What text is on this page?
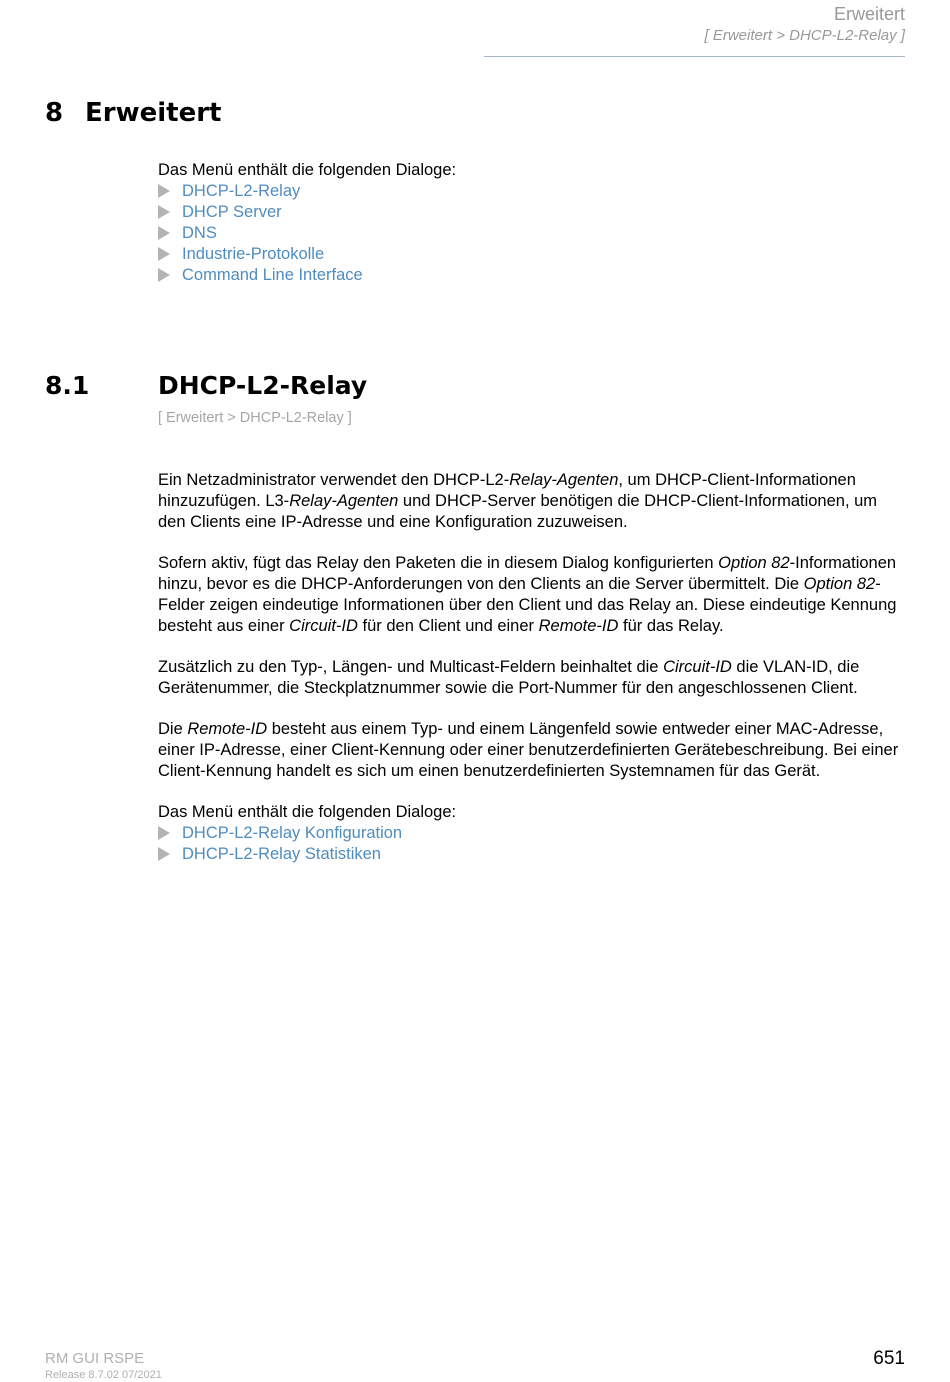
Erweitert
[ Erweitert > DHCP-L2-Relay ]
8 Erweitert
Das Menü enthält die folgenden Dialoge:
DHCP-L2-Relay
DHCP Server
DNS
Industrie-Protokolle
Command Line Interface
8.1	DHCP-L2-Relay
[ Erweitert > DHCP-L2-Relay ]

Ein Netzadministrator verwendet den DHCP-L2-Relay-Agenten, um DHCP-Client-Informationen hinzuzufügen. L3-Relay-Agenten und DHCP-Server benötigen die DHCP-Client-Informationen, um den Clients eine IP-Adresse und eine Konfiguration zuzuweisen.

Sofern aktiv, fügt das Relay den Paketen die in diesem Dialog konfigurierten Option 82-Informationen hinzu, bevor es die DHCP-Anforderungen von den Clients an die Server übermittelt. Die Option 82-Felder zeigen eindeutige Informationen über den Client und das Relay an. Diese eindeutige Kennung besteht aus einer Circuit-ID für den Client und einer Remote-ID für das Relay.

Zusätzlich zu den Typ-, Längen- und Multicast-Feldern beinhaltet die Circuit-ID die VLAN-ID, die Gerätenummer, die Steckplatznummer sowie die Port-Nummer für den angeschlossenen Client.

Die Remote-ID besteht aus einem Typ- und einem Längenfeld sowie entweder einer MAC-Adresse, einer IP-Adresse, einer Client-Kennung oder einer benutzerdefinierten Gerätebeschreibung. Bei einer Client-Kennung handelt es sich um einen benutzerdefinierten Systemnamen für das Gerät.

Das Menü enthält die folgenden Dialoge:
DHCP-L2-Relay Konfiguration
DHCP-L2-Relay Statistiken
RM GUI RSPE
Release 8.7.02 07/2021
651
